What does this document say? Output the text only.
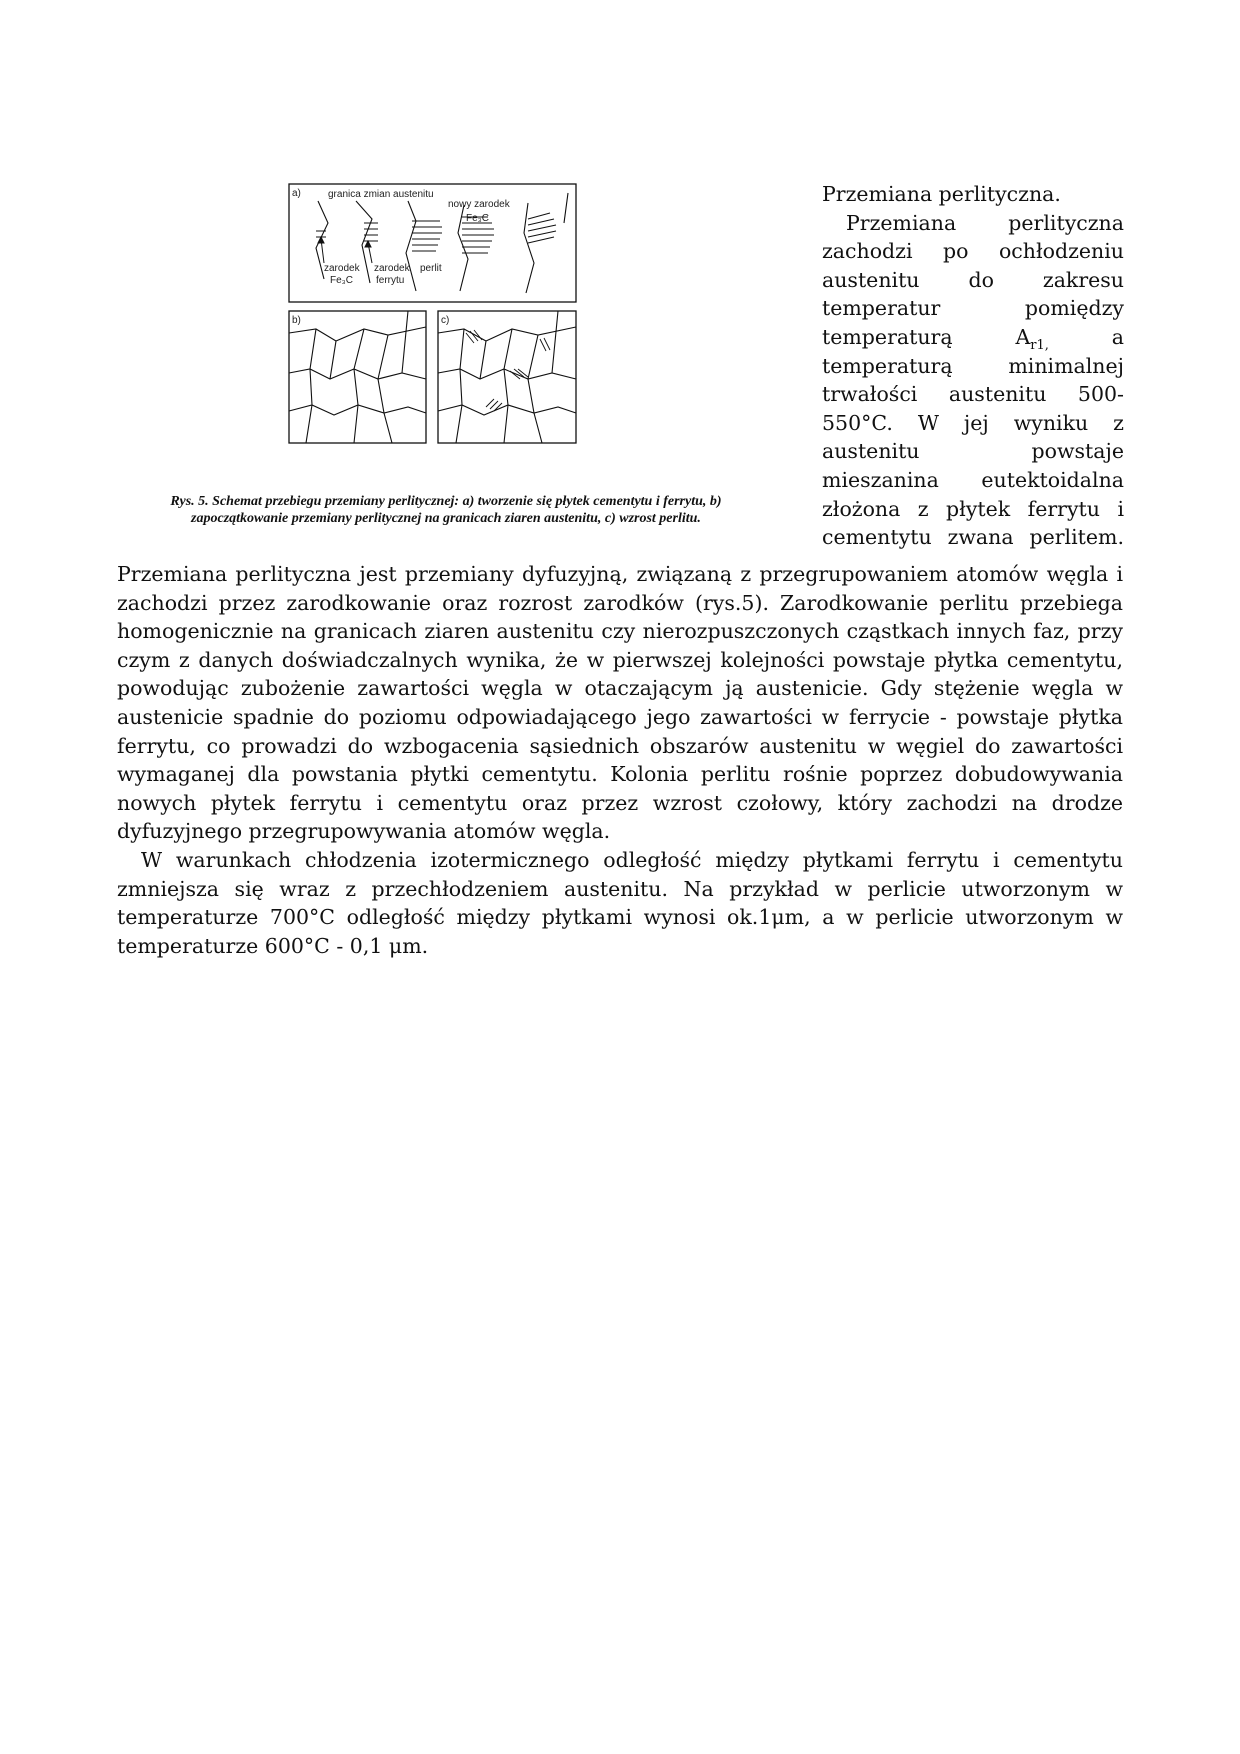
a)	granica zmian austenitu
nowy zarodek
Fe₃C
zarodek
Fe₃C
zarodek
ferrytu
perlit
b)	c)
Rys. 5. Schemat przebiegu przemiany perlitycznej: a) tworzenie się płytek cementytu i ferrytu, b)
zapoczątkowanie przemiany perlitycznej na granicach ziaren austenitu, c) wzrost perlitu.

Przemiana perlityczna.

Przemiana perlityczna zachodzi po ochłodzeniu austenitu do zakresu temperatur pomiędzy temperaturą $A_{r1,}$ a temperaturą minimalnej trwałości austenitu 500-550°C. W jej wyniku z austenitu powstaje mieszanina eutektoidalna złożona z płytek ferrytu i cementytu zwana perlitem.

Przemiana perlityczna jest przemiany dyfuzyjną, związaną z przegrupowaniem atomów węgla i zachodzi przez zarodkowanie oraz rozrost zarodków (rys.5). Zarodkowanie perlitu przebiega homogenicznie na granicach ziaren austenitu czy nierozpuszczonych cząstkach innych faz, przy czym z danych doświadczalnych wynika, że w pierwszej kolejności powstaje płytka cementytu, powodując zubożenie zawartości węgla w otaczającym ją austenicie. Gdy stężenie węgla w austenicie spadnie do poziomu odpowiadającego jego zawartości w ferrycie - powstaje płytka ferrytu, co prowadzi do wzbogacenia sąsiednich obszarów austenitu w węgiel do zawartości wymaganej dla powstania płytki cementytu. Kolonia perlitu rośnie poprzez dobudowywania nowych płytek ferrytu i cementytu oraz przez wzrost czołowy, który zachodzi na drodze dyfuzyjnego przegrupowywania atomów węgla.

W warunkach chłodzenia izotermicznego odległość między płytkami ferrytu i cementytu zmniejsza się wraz z przechłodzeniem austenitu. Na przykład w perlicie utworzonym w temperaturze 700°C odległość między płytkami wynosi ok.1μm, a w perlicie utworzonym w temperaturze 600°C - 0,1 μm.
